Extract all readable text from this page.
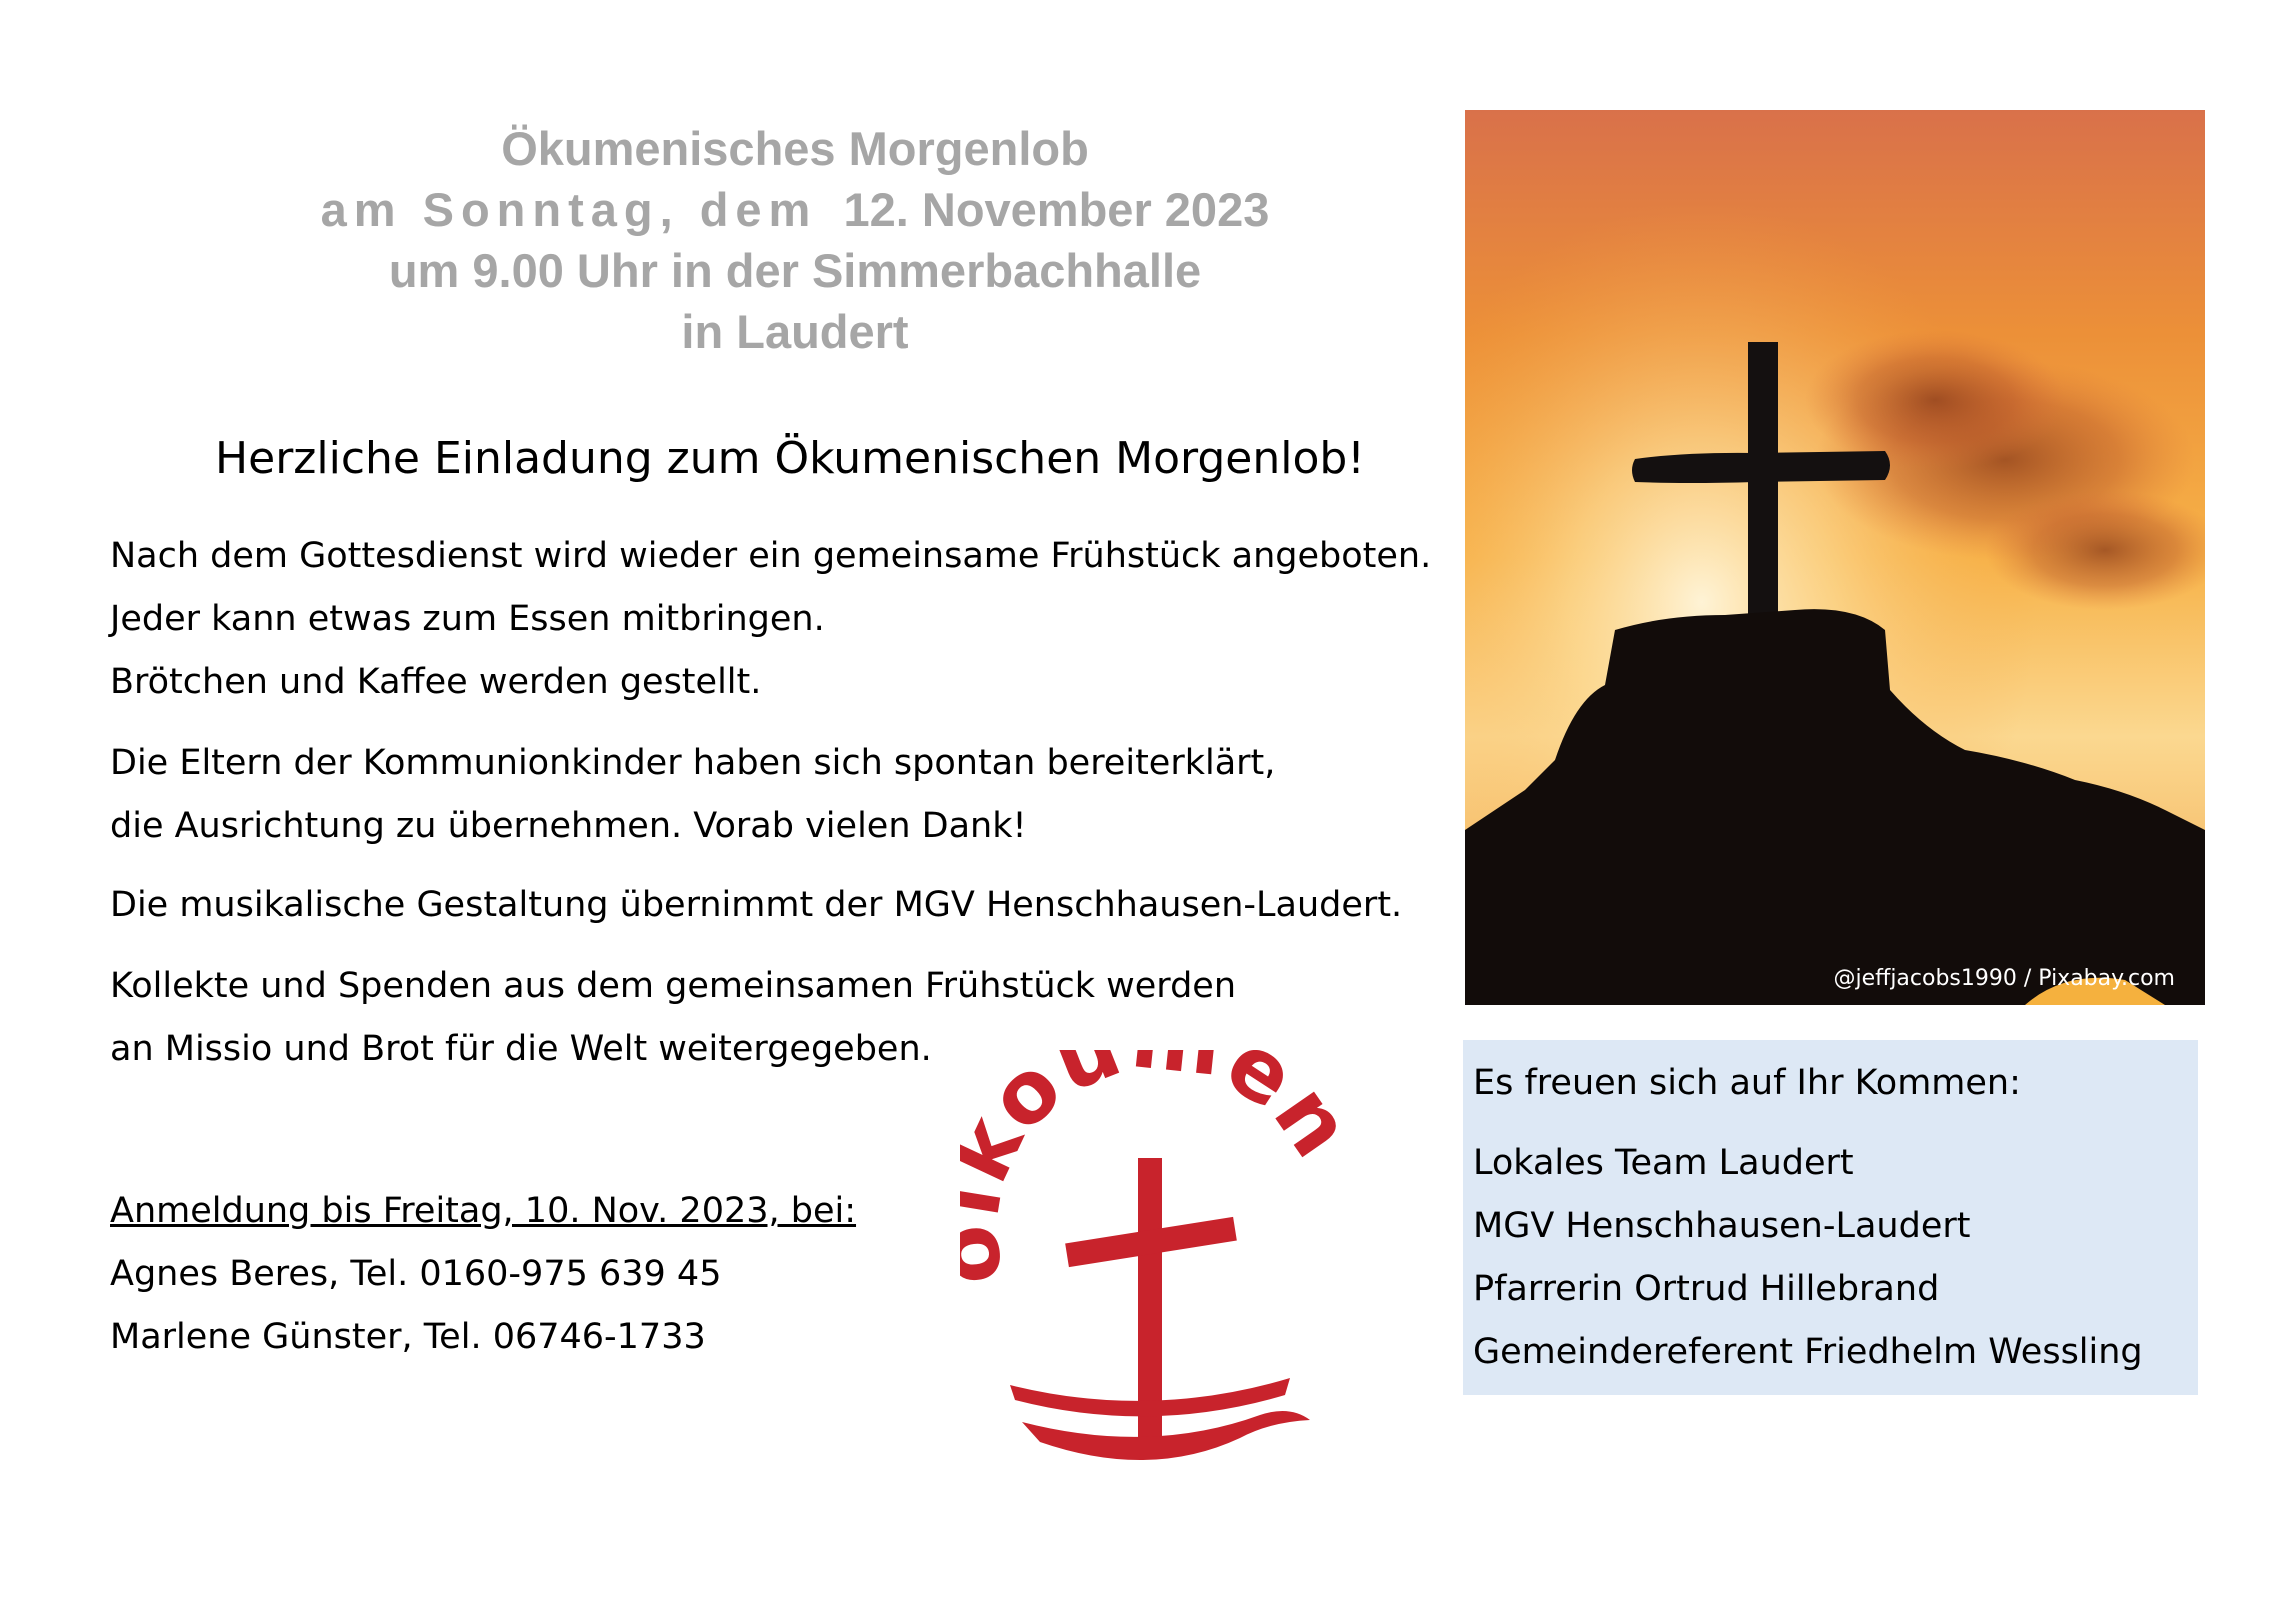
Ökumenisches Morgenlob
am Sonntag, dem 12. November 2023
um 9.00 Uhr in der Simmerbachhalle
in Laudert
Herzliche Einladung zum Ökumenischen Morgenlob!
Nach dem Gottesdienst wird wieder ein gemeinsame Frühstück angeboten.
Jeder kann etwas zum Essen mitbringen.
Brötchen und Kaffee werden gestellt.
Die Eltern der Kommunionkinder haben sich spontan bereiterklärt,
die Ausrichtung zu übernehmen. Vorab vielen Dank!
Die musikalische Gestaltung übernimmt der MGV Henschhausen-Laudert.
Kollekte und Spenden aus dem gemeinsamen Frühstück werden
an Missio und Brot für die Welt weitergegeben.
Anmeldung bis Freitag, 10. Nov. 2023, bei:
Agnes Beres, Tel. 0160-975 639 45
Marlene Günster, Tel. 06746-1733
@jeffjacobs1990 / Pixabay.com
Es freuen sich auf Ihr Kommen:
Lokales Team Laudert
MGV Henschhausen-Laudert
Pfarrerin Ortrud Hillebrand
Gemeindereferent Friedhelm Wessling
ou e
